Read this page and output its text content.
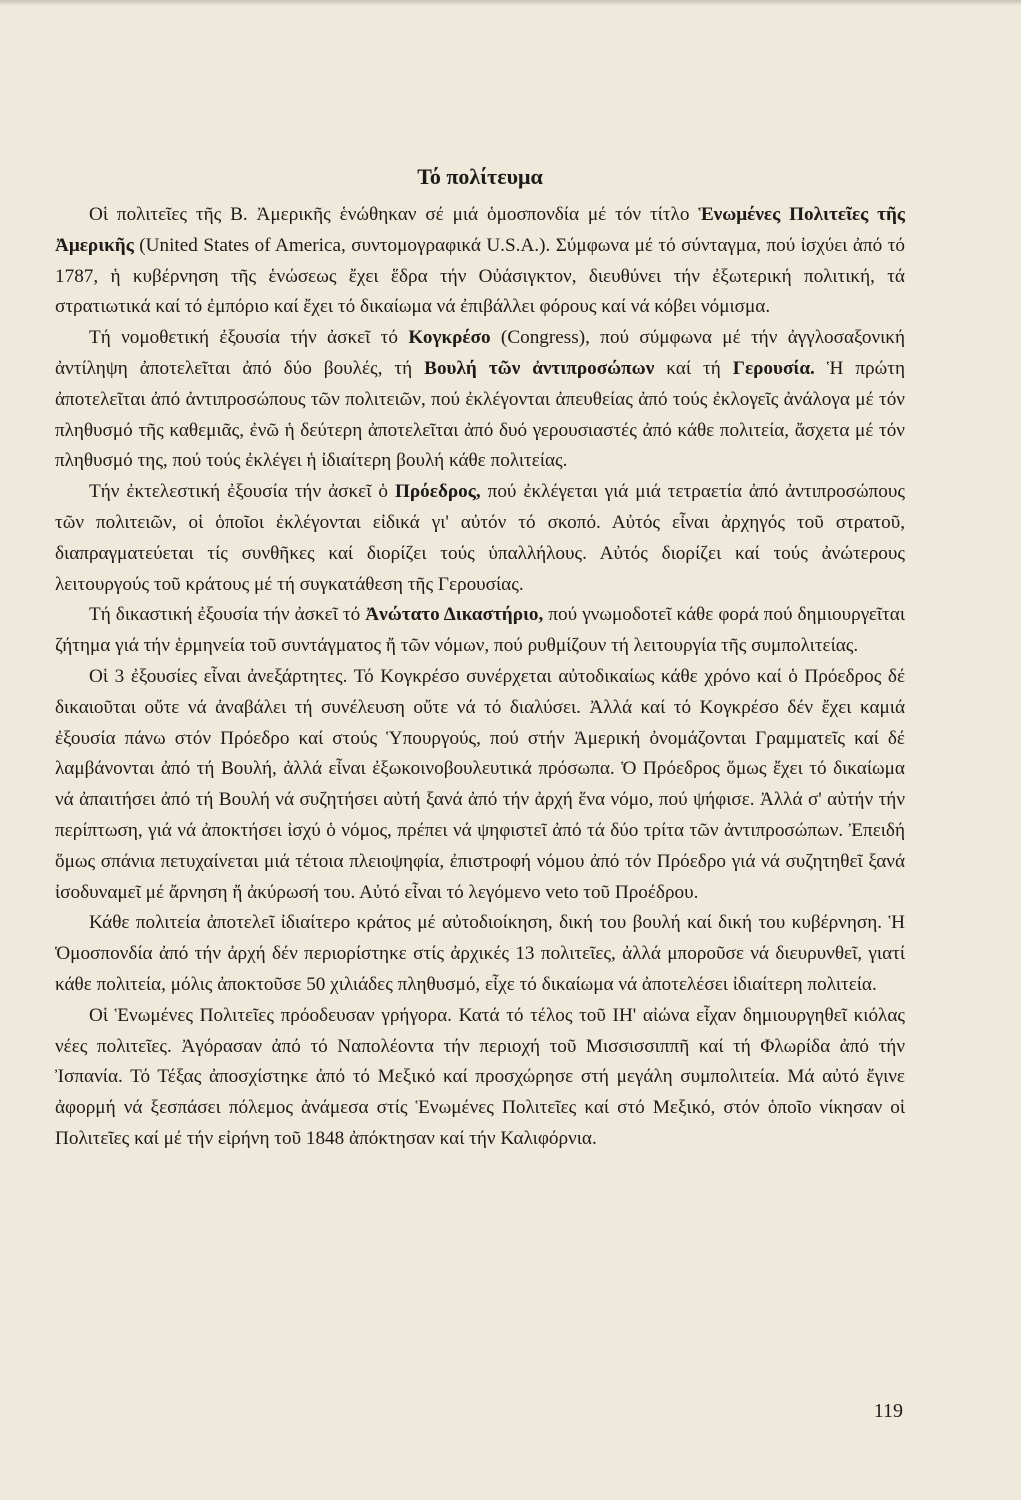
Τό πολίτευμα

Οἱ πολιτεῖες τῆς Β. Ἀμερικῆς ἑνώθηκαν σέ μιά ὁμοσπονδία μέ τόν τίτλο Ἑνωμένες Πολιτεῖες τῆς Ἀμερικῆς (United States of America, συντομογραφικά U.S.A.). Σύμφωνα μέ τό σύνταγμα, πού ἰσχύει ἀπό τό 1787, ἡ κυβέρνηση τῆς ἑνώσεως ἔχει ἕδρα τήν Οὐάσιγκτον, διευθύνει τήν ἐξωτερική πολιτική, τά στρατιωτικά καί τό ἐμπόριο καί ἔχει τό δικαίωμα νά ἐπιβάλλει φόρους καί νά κόβει νόμισμα.

Τή νομοθετική ἐξουσία τήν ἀσκεῖ τό Κογκρέσο (Congress), πού σύμφωνα μέ τήν ἀγγλοσαξονική ἀντίληψη ἀποτελεῖται ἀπό δύο βουλές, τή Βουλή τῶν ἀντιπροσώπων καί τή Γερουσία. Ἡ πρώτη ἀποτελεῖται ἀπό ἀντιπροσώπους τῶν πολιτειῶν, πού ἐκλέγονται ἀπευθείας ἀπό τούς ἐκλογεῖς ἀνάλογα μέ τόν πληθυσμό τῆς καθεμιᾶς, ἐνῶ ἡ δεύτερη ἀποτελεῖται ἀπό δυό γερουσιαστές ἀπό κάθε πολιτεία, ἄσχετα μέ τόν πληθυσμό της, πού τούς ἐκλέγει ἡ ἰδιαίτερη βουλή κάθε πολιτείας.

Τήν ἐκτελεστική ἐξουσία τήν ἀσκεῖ ὁ Πρόεδρος, πού ἐκλέγεται γιά μιά τετραετία ἀπό ἀντιπροσώπους τῶν πολιτειῶν, οἱ ὁποῖοι ἐκλέγονται εἰδικά γι' αὐτόν τό σκοπό. Αὐτός εἶναι ἀρχηγός τοῦ στρατοῦ, διαπραγματεύεται τίς συνθῆκες καί διορίζει τούς ὑπαλλήλους. Αὐτός διορίζει καί τούς ἀνώτερους λειτουργούς τοῦ κράτους μέ τή συγκατάθεση τῆς Γερουσίας.

Τή δικαστική ἐξουσία τήν ἀσκεῖ τό Ἀνώτατο Δικαστήριο, πού γνωμοδοτεῖ κάθε φορά πού δημιουργεῖται ζήτημα γιά τήν ἑρμηνεία τοῦ συντάγματος ἤ τῶν νόμων, πού ρυθμίζουν τή λειτουργία τῆς συμπολιτείας.

Οἱ 3 ἐξουσίες εἶναι ἀνεξάρτητες. Τό Κογκρέσο συνέρχεται αὐτοδικαίως κάθε χρόνο καί ὁ Πρόεδρος δέ δικαιοῦται οὔτε νά ἀναβάλει τή συνέλευση οὔτε νά τό διαλύσει. Ἀλλά καί τό Κογκρέσο δέν ἔχει καμιά ἐξουσία πάνω στόν Πρόεδρο καί στούς Ὑπουργούς, πού στήν Ἀμερική ὀνομάζονται Γραμματεῖς καί δέ λαμβάνονται ἀπό τή Βουλή, ἀλλά εἶναι ἐξωκοινοβουλευτικά πρόσωπα. Ὁ Πρόεδρος ὅμως ἔχει τό δικαίωμα νά ἀπαιτήσει ἀπό τή Βουλή νά συζητήσει αὐτή ξανά ἀπό τήν ἀρχή ἕνα νόμο, πού ψήφισε. Ἀλλά σ' αὐτήν τήν περίπτωση, γιά νά ἀποκτήσει ἰσχύ ὁ νόμος, πρέπει νά ψηφιστεῖ ἀπό τά δύο τρίτα τῶν ἀντιπροσώπων. Ἐπειδή ὅμως σπάνια πετυχαίνεται μιά τέτοια πλειοψηφία, ἐπιστροφή νόμου ἀπό τόν Πρόεδρο γιά νά συζητηθεῖ ξανά ἰσοδυναμεῖ μέ ἄρνηση ἤ ἀκύρωσή του. Αὐτό εἶναι τό λεγόμενο veto τοῦ Προέδρου.

Κάθε πολιτεία ἀποτελεῖ ἰδιαίτερο κράτος μέ αὐτοδιοίκηση, δική του βουλή καί δική του κυβέρνηση. Ἡ Ὁμοσπονδία ἀπό τήν ἀρχή δέν περιορίστηκε στίς ἀρχικές 13 πολιτεῖες, ἀλλά μποροῦσε νά διευρυνθεῖ, γιατί κάθε πολιτεία, μόλις ἀποκτοῦσε 50 χιλιάδες πληθυσμό, εἶχε τό δικαίωμα νά ἀποτελέσει ἰδιαίτερη πολιτεία.

Οἱ Ἑνωμένες Πολιτεῖες πρόοδευσαν γρήγορα. Κατά τό τέλος τοῦ ΙΗ' αἰώνα εἶχαν δημιουργηθεῖ κιόλας νέες πολιτεῖες. Ἀγόρασαν ἀπό τό Ναπολέοντα τήν περιοχή τοῦ Μισσισσιππῆ καί τή Φλωρίδα ἀπό τήν Ἰσπανία. Τό Τέξας ἀποσχίστηκε ἀπό τό Μεξικό καί προσχώρησε στή μεγάλη συμπολιτεία. Μά αὐτό ἔγινε ἀφορμή νά ξεσπάσει πόλεμος ἀνάμεσα στίς Ἑνωμένες Πολιτεῖες καί στό Μεξικό, στόν ὁποῖο νίκησαν οἱ Πολιτεῖες καί μέ τήν εἰρήνη τοῦ 1848 ἀπόκτησαν καί τήν Καλιφόρνια.

119
